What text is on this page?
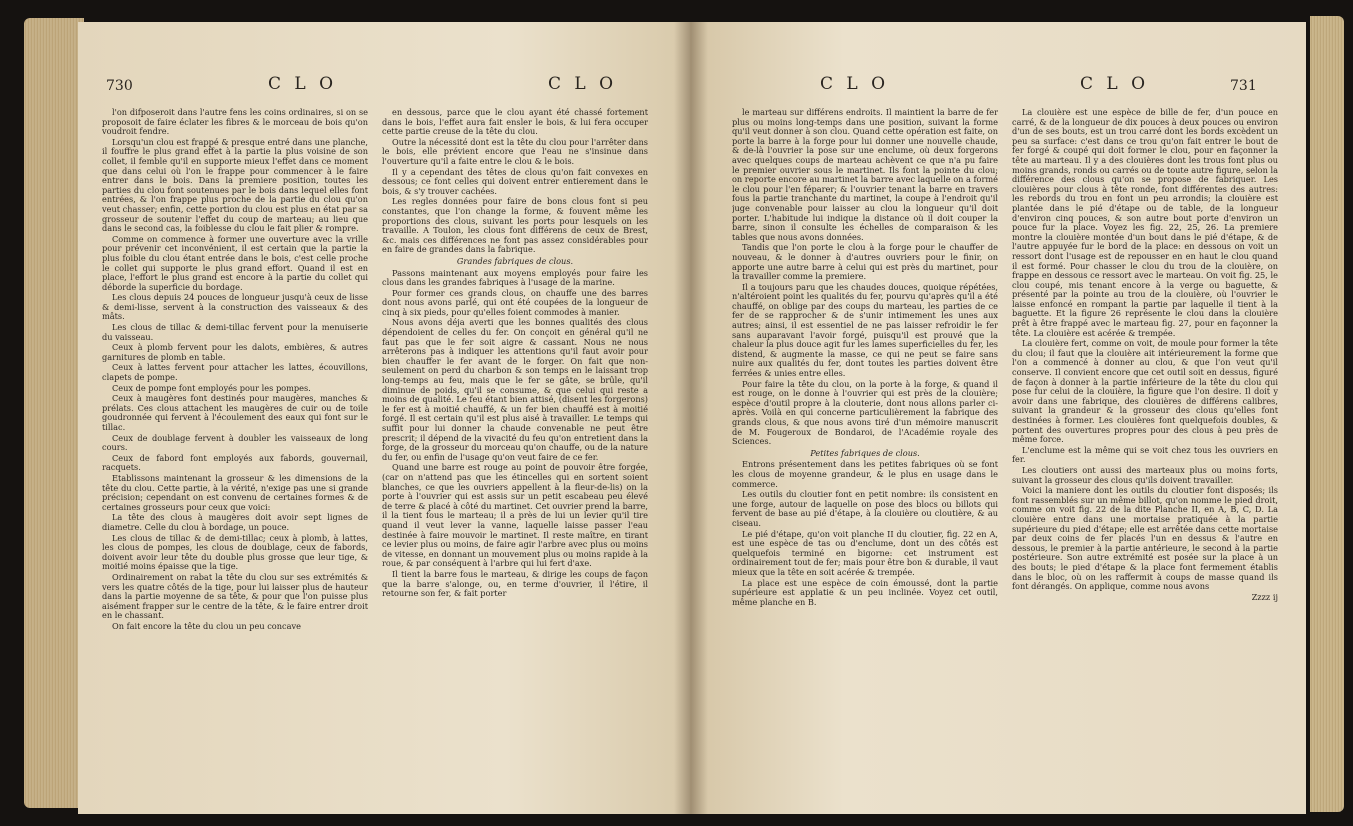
730	C L O	C L O

l'on difposeroit dans l'autre fens les coins ordinaires, si on se proposoit de faire éclater les fibres & le morceau de bois qu'on voudroit fendre.

Lorsqu'un clou est frappé & presque entré dans une planche, il fouffre le plus grand effet à la partie la plus voisine de son collet, il femble qu'il en supporte mieux l'effet dans ce moment que dans celui où l'on le frappe pour commencer à le faire entrer dans le bois. Dans la premiere position, toutes les parties du clou font soutenues par le bois dans lequel elles font entrées, & l'on frappe plus proche de la partie du clou qu'on veut chasser; enfin, cette portion du clou est plus en état par sa grosseur de soutenir l'effet du coup de marteau; au lieu que dans le second cas, la foiblesse du clou le fait plier & rompre.

Comme on commence à former une ouverture avec la vrille pour prévenir cet inconvénient, il est certain que la partie la plus foible du clou étant entrée dans le bois, c'est celle proche le collet qui supporte le plus grand effort. Quand il est en place, l'effort le plus grand est encore à la partie du collet qui déborde la superficie du bordage.

Les clous depuis 24 pouces de longueur jusqu'à ceux de lisse & demi-lisse, servent à la construction des vaisseaux & des mâts.

Les clous de tillac & demi-tillac fervent pour la menuiserie du vaisseau.

Ceux à plomb fervent pour les dalots, embières, & autres garnitures de plomb en table.

Ceux à lattes fervent pour attacher les lattes, écouvillons, clapets de pompe.

Ceux de pompe font employés pour les pompes.

Ceux à maugères font destinés pour maugères, manches & prélats. Ces clous attachent les maugères de cuir ou de toile goudronnée qui fervent à l'écoulement des eaux qui font sur le tillac.

Ceux de doublage fervent à doubler les vaisseaux de long cours.

Ceux de fabord font employés aux fabords, gouvernail, racquets.

Etablissons maintenant la grosseur & les dimensions de la tête du clou. Cette partie, à la vérité, n'exige pas une si grande précision; cependant on est convenu de certaines formes & de certaines grosseurs pour ceux que voici:

La tête des clous à maugères doit avoir sept lignes de diametre. Celle du clou à bordage, un pouce.

Les clous de tillac & de demi-tillac; ceux à plomb, à lattes, les clous de pompes, les clous de doublage, ceux de fabords, doivent avoir leur tête du double plus grosse que leur tige, & moitié moins épaisse que la tige.

Ordinairement on rabat la tête du clou sur ses extrémités & vers les quatre côtés de la tige, pour lui laisser plus de hauteur dans la partie moyenne de sa tête, & pour que l'on puisse plus aisément frapper sur le centre de la tête, & le faire entrer droit en le chassant.

On fait encore la tête du clou un peu concave

en dessous, parce que le clou ayant été chassé fortement dans le bois, l'effet aura fait ensler le bois, & lui fera occuper cette partie creuse de la tête du clou.

Outre la nécessité dont est la tête du clou pour l'arrêter dans le bois, elle prévient encore que l'eau ne s'insinue dans l'ouverture qu'il a faite entre le clou & le bois.

Il y a cependant des têtes de clous qu'on fait convexes en dessous; ce font celles qui doivent entrer entierement dans le bois, & s'y trouver cachées.

Les regles données pour faire de bons clous font si peu constantes, que l'on change la forme, & fouvent même les proportions des clous, suivant les ports pour lesquels on les travaille. A Toulon, les clous font différens de ceux de Brest, &c. mais ces différences ne font pas assez considérables pour en faire de grandes dans la fabrique.

Grandes fabriques de clous.

Passons maintenant aux moyens employés pour faire les clous dans les grandes fabriques à l'usage de la marine.

Pour former ces grands clous, on chauffe une des barres dont nous avons parlé, qui ont été coupées de la longueur de cinq à six pieds, pour qu'elles foient commodes à manier.

Nous avons déja averti que les bonnes qualités des clous dépendoient de celles du fer. On conçoit en général qu'il ne faut pas que le fer soit aigre & cassant. Nous ne nous arrêterons pas à indiquer les attentions qu'il faut avoir pour bien chauffer le fer avant de le forger. On fait que non-seulement on perd du charbon & son temps en le laissant trop long-temps au feu, mais que le fer se gâte, se brûle, qu'il diminue de poids, qu'il se consume, & que celui qui reste a moins de qualité. Le feu étant bien attisé, (disent les forgerons) le fer est à moitié chauffé, & un fer bien chauffé est à moitié forgé. Il est certain qu'il est plus aisé à travailler. Le temps qui suffit pour lui donner la chaude convenable ne peut être prescrit; il dépend de la vivacité du feu qu'on entretient dans la forge, de la grosseur du morceau qu'on chauffe, ou de la nature du fer, ou enfin de l'usage qu'on veut faire de ce fer.

Quand une barre est rouge au point de pouvoir être forgée, (car on n'attend pas que les étincelles qui en sortent soient blanches, ce que les ouvriers appellent à la fleur-de-lis) on la porte à l'ouvrier qui est assis sur un petit escabeau peu élevé de terre & placé à côté du martinet. Cet ouvrier prend la barre, il la tient fous le marteau; il a près de lui un levier qu'il tire quand il veut lever la vanne, laquelle laisse passer l'eau destinée à faire mouvoir le martinet. Il reste maître, en tirant ce levier plus ou moins, de faire agir l'arbre avec plus ou moins de vitesse, en donnant un mouvement plus ou moins rapide à la roue, & par conséquent à l'arbre qui lui fert d'axe.

Il tient la barre fous le marteau, & dirige les coups de façon que la barre s'alonge, ou, en terme d'ouvrier, il l'étire, il retourne son fer, & fait porter

C L O	C L O	731

le marteau sur différens endroits. Il maintient la barre de fer plus ou moins long-temps dans une position, suivant la forme qu'il veut donner à son clou. Quand cette opération est faite, on porte la barre à la forge pour lui donner une nouvelle chaude, & de-là l'ouvrier la pose sur une enclume, où deux forgerons avec quelques coups de marteau achèvent ce que n'a pu faire le premier ouvrier sous le martinet. Ils font la pointe du clou; on reporte encore au martinet la barre avec laquelle on a formé le clou pour l'en féparer; & l'ouvrier tenant la barre en travers fous la partie tranchante du martinet, la coupe à l'endroit qu'il juge convenable pour laisser au clou la longueur qu'il doit porter. L'habitude lui indique la distance où il doit couper la barre, sinon il consulte les échelles de comparaison & les tables que nous avons données.

Tandis que l'on porte le clou à la forge pour le chauffer de nouveau, & le donner à d'autres ouvriers pour le finir, on apporte une autre barre à celui qui est près du martinet, pour la travailler comme la premiere.

Il a toujours paru que les chaudes douces, quoique répétées, n'altéroient point les qualités du fer, pourvu qu'après qu'il a été chauffé, on oblige par des coups du marteau, les parties de ce fer de se rapprocher & de s'unir intimement les unes aux autres; ainsi, il est essentiel de ne pas laisser refroidir le fer sans auparavant l'avoir forgé, puisqu'il est prouvé que la chaleur la plus douce agit fur les lames superficielles du fer, les distend, & augmente la masse, ce qui ne peut se faire sans nuire aux qualités du fer, dont toutes les parties doivent être ferrées & unies entre elles.

Pour faire la tête du clou, on la porte à la forge, & quand il est rouge, on le donne à l'ouvrier qui est près de la clouière; espèce d'outil propre à la clouterie, dont nous allons parler ci-après. Voilà en qui concerne particulièrement la fabrique des grands clous, & que nous avons tiré d'un mémoire manuscrit de M. Fougeroux de Bondaroi, de l'Académie royale des Sciences.

Petites fabriques de clous.

Entrons présentement dans les petites fabriques où se font les clous de moyenne grandeur, & le plus en usage dans le commerce.

Les outils du cloutier font en petit nombre: ils consistent en une forge, autour de laquelle on pose des blocs ou billots qui fervent de base au pié d'étape, à la clouière ou cloutière, & au ciseau.

Le pié d'étape, qu'on voit planche II du cloutier, fig. 22 en A, est une espèce de tas ou d'enclume, dont un des côtés est quelquefois terminé en bigorne: cet instrument est ordinairement tout de fer; mais pour être bon & durable, il vaut mieux que la tête en soit acérée & trempée.

La place est une espèce de coin émoussé, dont la partie supérieure est applatie & un peu inclinée. Voyez cet outil, même planche en B.

La clouière est une espèce de bille de fer, d'un pouce en carré, & de la longueur de dix pouces à deux pouces ou environ d'un de ses bouts, est un trou carré dont les bords excèdent un peu sa surface: c'est dans ce trou qu'on fait entrer le bout de fer forgé & coupé qui doit former le clou, pour en façonner la tête au marteau. Il y a des clouières dont les trous font plus ou moins grands, ronds ou carrés ou de toute autre figure, selon la différence des clous qu'on se propose de fabriquer. Les clouières pour clous à tête ronde, font différentes des autres: les rebords du trou en font un peu arrondis; la clouière est plantée dans le pié d'étape ou de table, de la longueur d'environ cinq pouces, & son autre bout porte d'environ un pouce fur la place. Voyez les fig. 22, 25, 26. La premiere montre la clouière montée d'un bout dans le pié d'étape, & de l'autre appuyée fur le bord de la place: en dessous on voit un ressort dont l'usage est de repousser en en haut le clou quand il est formé. Pour chasser le clou du trou de la clouière, on frappe en dessous ce ressort avec le marteau. On voit fig. 25, le clou coupé, mis tenant encore à la verge ou baguette, & présenté par la pointe au trou de la clouière, où l'ouvrier le laisse enfoncé en rompant la partie par laquelle il tient à la baguette. Et la figure 26 représente le clou dans la clouière prêt à être frappé avec le marteau fig. 27, pour en façonner la tête. La clouière est acérée & trempée.

La clouière fert, comme on voit, de moule pour former la tête du clou; il faut que la clouière ait intérieurement la forme que l'on a commencé à donner au clou, & que l'on veut qu'il conserve. Il convient encore que cet outil soit en dessus, figuré de façon à donner à la partie inférieure de la tête du clou qui pose fur celui de la clouière, la figure que l'on desire. Il doit y avoir dans une fabrique, des clouières de différens calibres, suivant la grandeur & la grosseur des clous qu'elles font destinées à former. Les clouières font quelquefois doubles, & portent des ouvertures propres pour des clous à peu près de même force.

L'enclume est la même qui se voit chez tous les ouvriers en fer.

Les cloutiers ont aussi des marteaux plus ou moins forts, suivant la grosseur des clous qu'ils doivent travailler.

Voici la maniere dont les outils du cloutier font disposés; ils font rassemblés sur un même billot, qu'on nomme le pied droit, comme on voit fig. 22 de la dite Planche II, en A, B, C, D. La clouière entre dans une mortaise pratiquée à la partie supérieure du pied d'étape; elle est arrêtée dans cette mortaise par deux coins de fer placés l'un en dessus & l'autre en dessous, le premier à la partie antérieure, le second à la partie postérieure. Son autre extrémité est posée sur la place à un des bouts; le pied d'étape & la place font fermement établis dans le bloc, où on les raffermit à coups de masse quand ils font dérangés. On applique, comme nous avons

Zzzz ij
